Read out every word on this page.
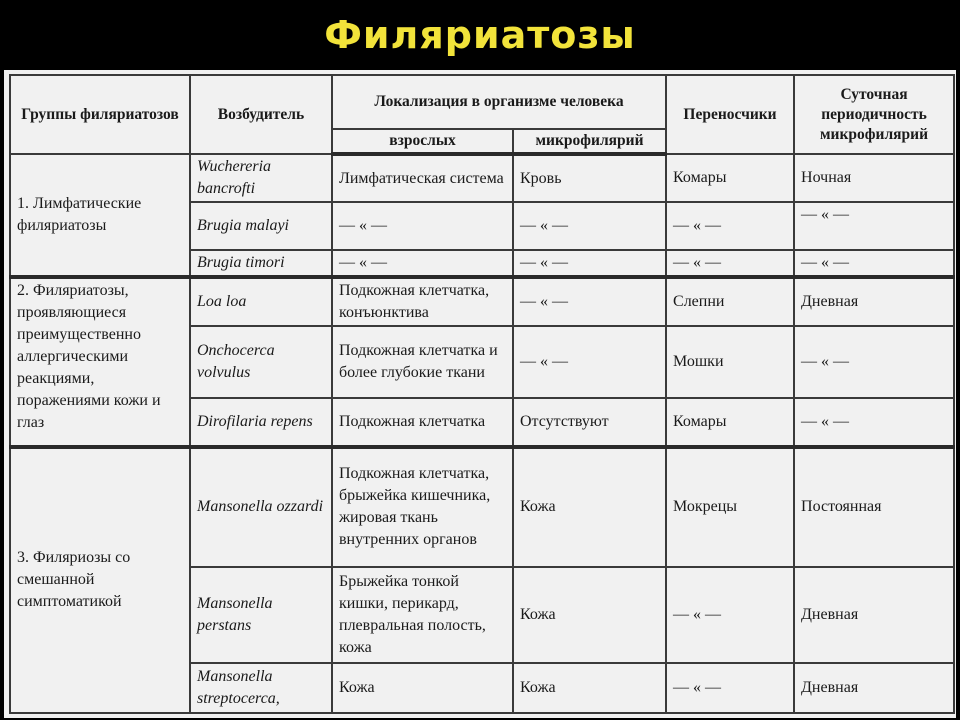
Филяриатозы
Группы филяриатозов	Возбудитель	Локализация в организме человека		Переносчики	Суточная периодичность микрофилярий
		взрослых	микрофилярий		
1. Лимфатические филяриатозы	Wuchereria bancrofti	Лимфатическая система	Кровь	Комары	Ночная
	Brugia malayi	— « —	— « —	— « —	— « —
	Brugia timori	— « —	— « —	— « —	— « —
2. Филяриатозы, проявляющиеся преимущественно аллергическими реакциями, поражениями кожи и глаз	Loa loa	Подкожная клетчатка, конъюнктива	— « —	Слепни	Дневная
	Onchocerca volvulus	Подкожная клетчатка и более глубокие ткани	— « —	Мошки	— « —
	Dirofilaria repens	Подкожная клетчатка	Отсутствуют	Комары	— « —
3. Филяриозы со смешанной симптоматикой	Mansonella ozzardi	Подкожная клетчатка, брыжейка кишечника, жировая ткань внутренних органов	Кожа	Мокрецы	Постоянная
	Mansonella perstans	Брыжейка тонкой кишки, перикард, плевральная полость, кожа	Кожа	— « —	Дневная
	Mansonella streptocerca,	Кожа	Кожа	— « —	Дневная
